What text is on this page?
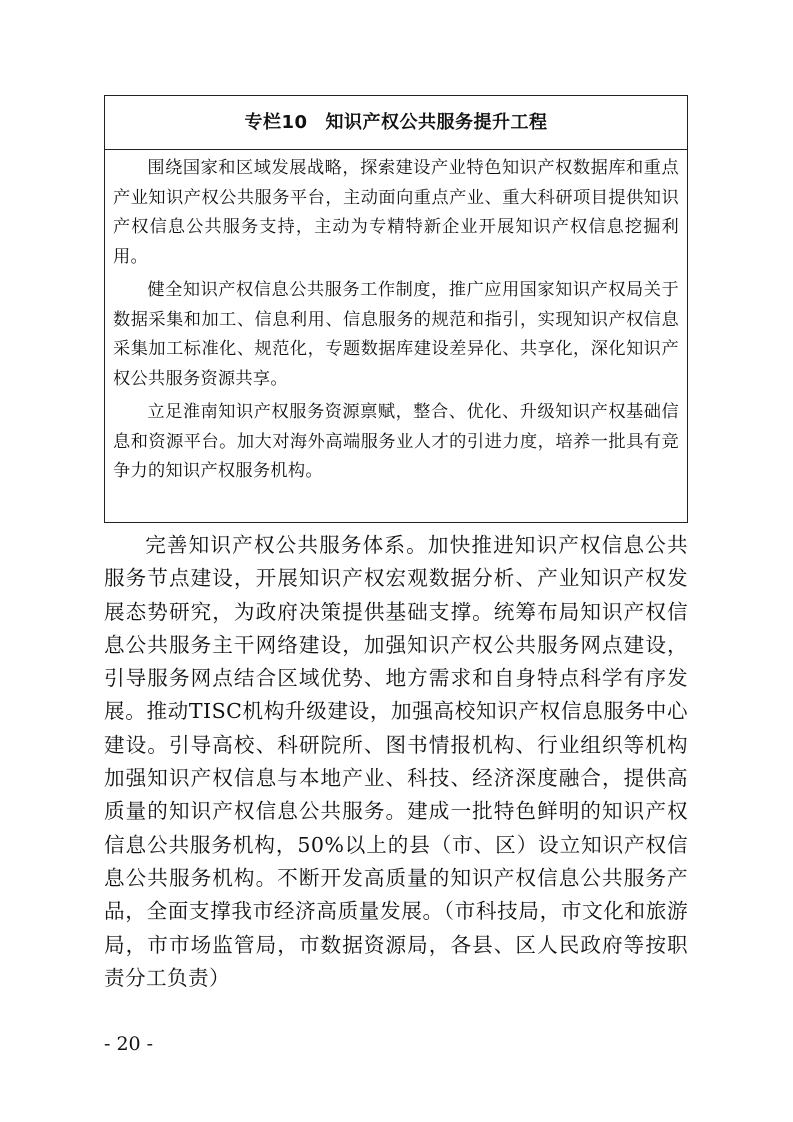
专栏10 知识产权公共服务提升工程

围绕国家和区域发展战略，探索建设产业特色知识产权数据库和重点产业知识产权公共服务平台，主动面向重点产业、重大科研项目提供知识产权信息公共服务支持，主动为专精特新企业开展知识产权信息挖掘利用。

健全知识产权信息公共服务工作制度，推广应用国家知识产权局关于数据采集和加工、信息利用、信息服务的规范和指引，实现知识产权信息采集加工标准化、规范化，专题数据库建设差异化、共享化，深化知识产权公共服务资源共享。

立足淮南知识产权服务资源禀赋，整合、优化、升级知识产权基础信息和资源平台。加大对海外高端服务业人才的引进力度，培养一批具有竞争力的知识产权服务机构。

完善知识产权公共服务体系。加快推进知识产权信息公共服务节点建设，开展知识产权宏观数据分析、产业知识产权发展态势研究，为政府决策提供基础支撑。统筹布局知识产权信息公共服务主干网络建设，加强知识产权公共服务网点建设，引导服务网点结合区域优势、地方需求和自身特点科学有序发展。推动TISC机构升级建设，加强高校知识产权信息服务中心建设。引导高校、科研院所、图书情报机构、行业组织等机构加强知识产权信息与本地产业、科技、经济深度融合，提供高质量的知识产权信息公共服务。建成一批特色鲜明的知识产权信息公共服务机构，50%以上的县（市、区）设立知识产权信息公共服务机构。不断开发高质量的知识产权信息公共服务产品，全面支撑我市经济高质量发展。（市科技局，市文化和旅游局，市市场监管局，市数据资源局，各县、区人民政府等按职责分工负责）

- 20 -
